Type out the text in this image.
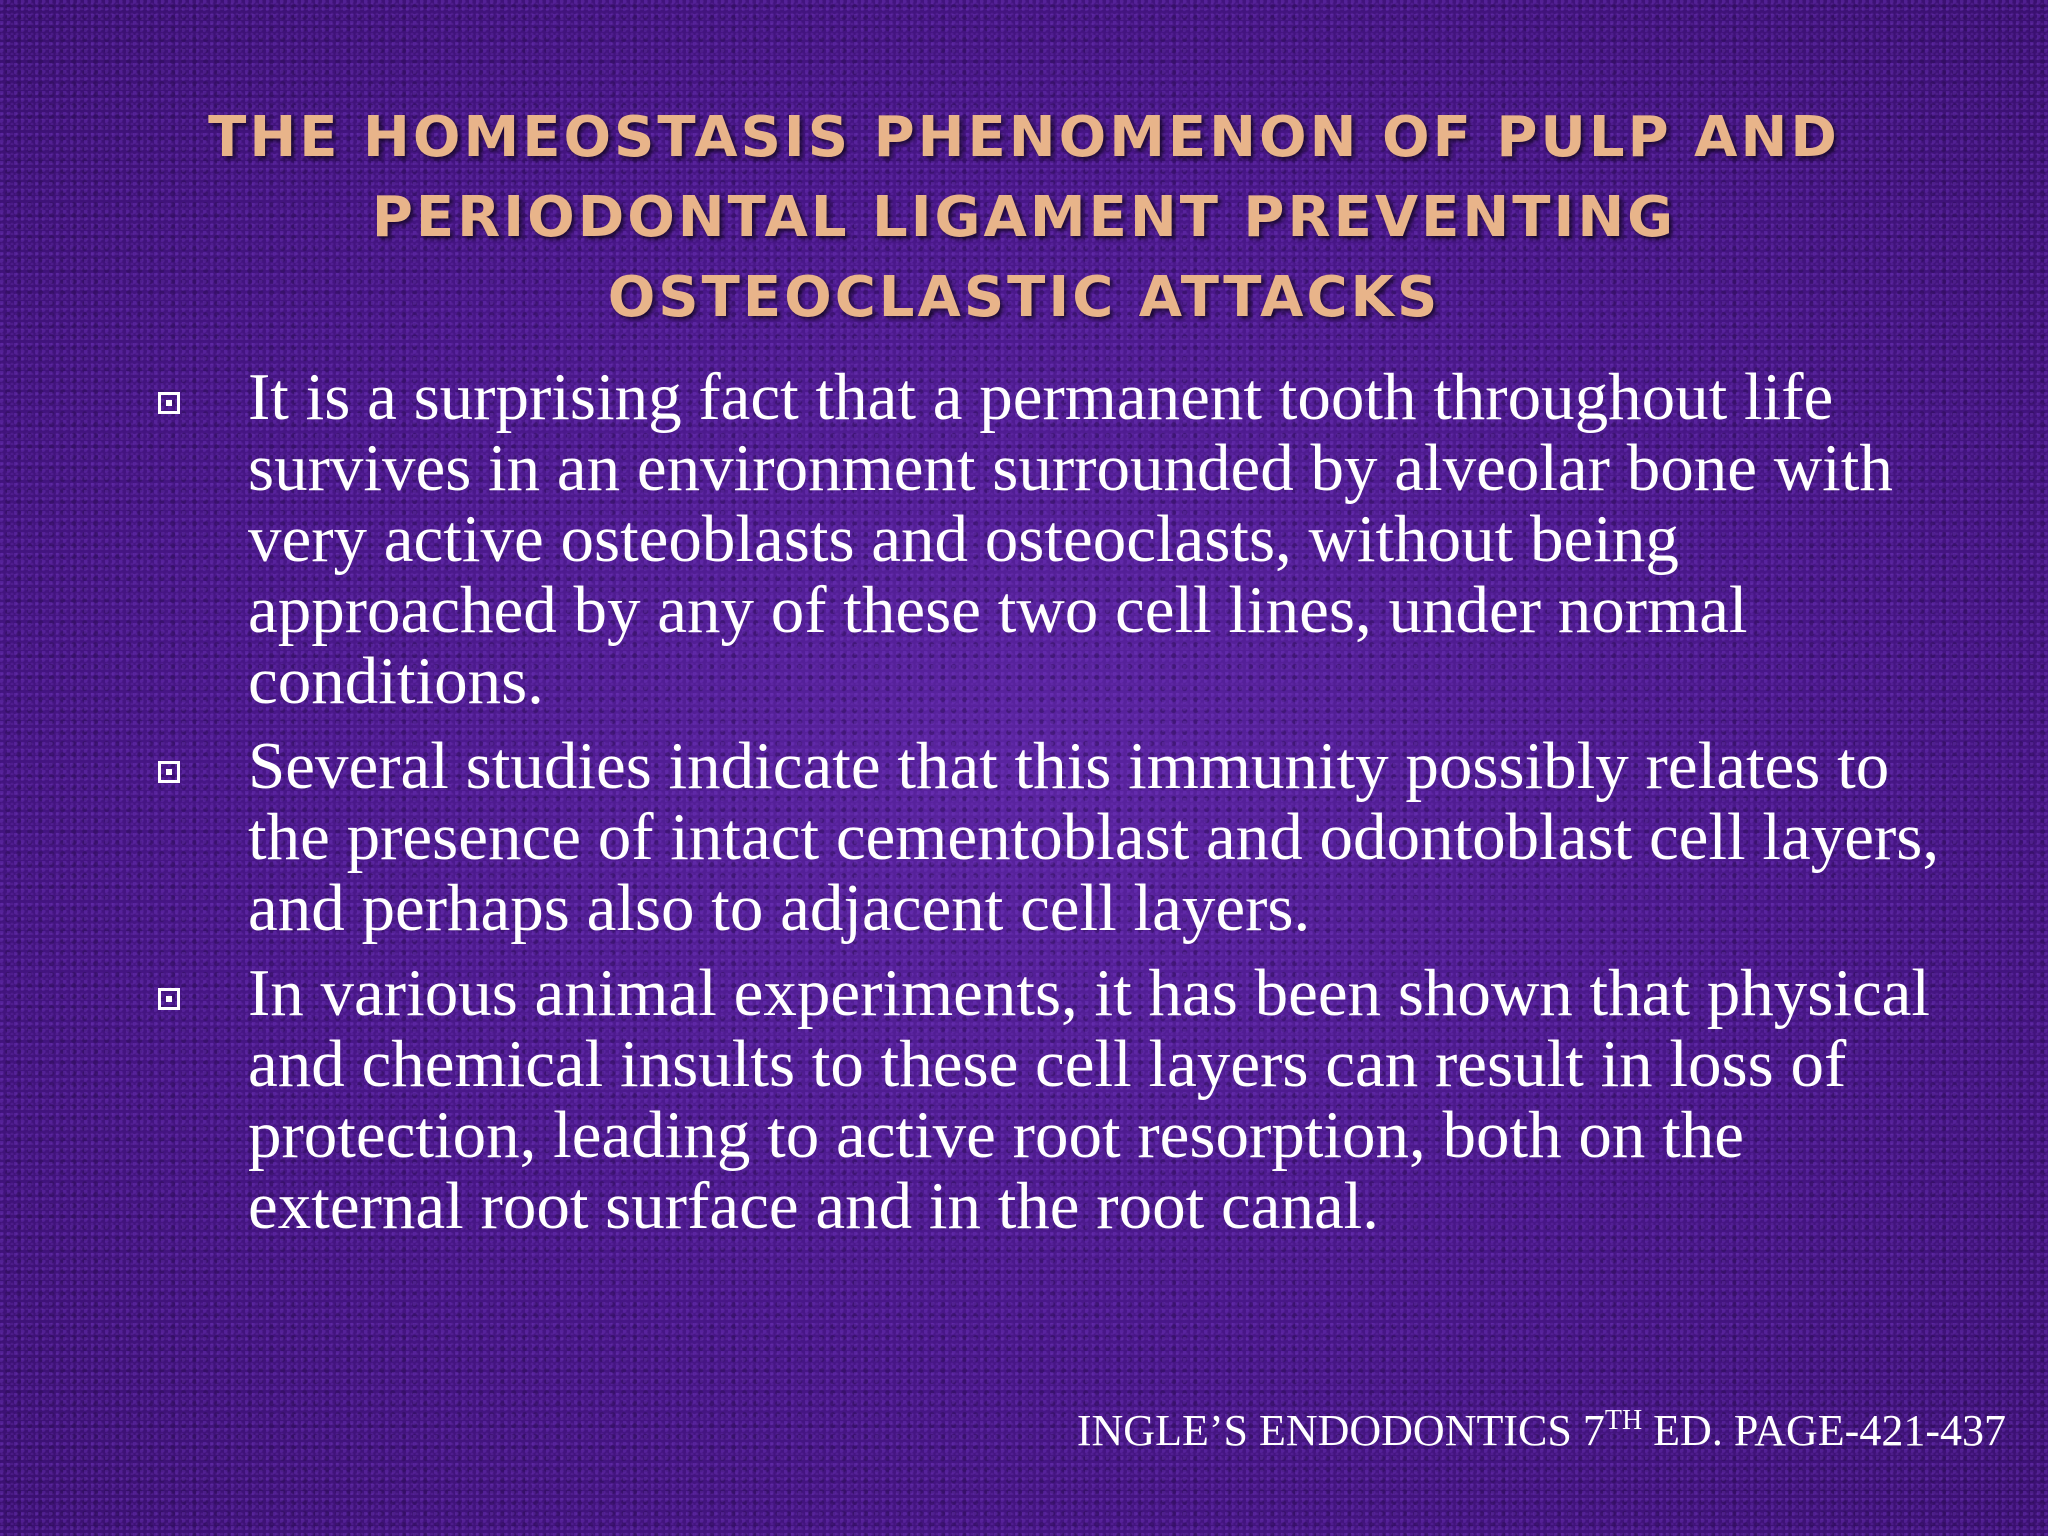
THE HOMEOSTASIS PHENOMENON OF PULP AND
PERIODONTAL LIGAMENT PREVENTING
OSTEOCLASTIC ATTACKS
It is a surprising fact that a permanent tooth throughout life survives in an environment surrounded by alveolar bone with very active osteoblasts and osteoclasts, without being approached by any of these two cell lines, under normal conditions.
Several studies indicate that this immunity possibly relates to the presence of intact cementoblast and odontoblast cell layers, and perhaps also to adjacent cell layers.
In various animal experiments, it has been shown that physical and chemical insults to these cell layers can result in loss of protection, leading to active root resorption, both on the external root surface and in the root canal.
INGLE’S ENDODONTICS 7TH ED. PAGE-421-437
